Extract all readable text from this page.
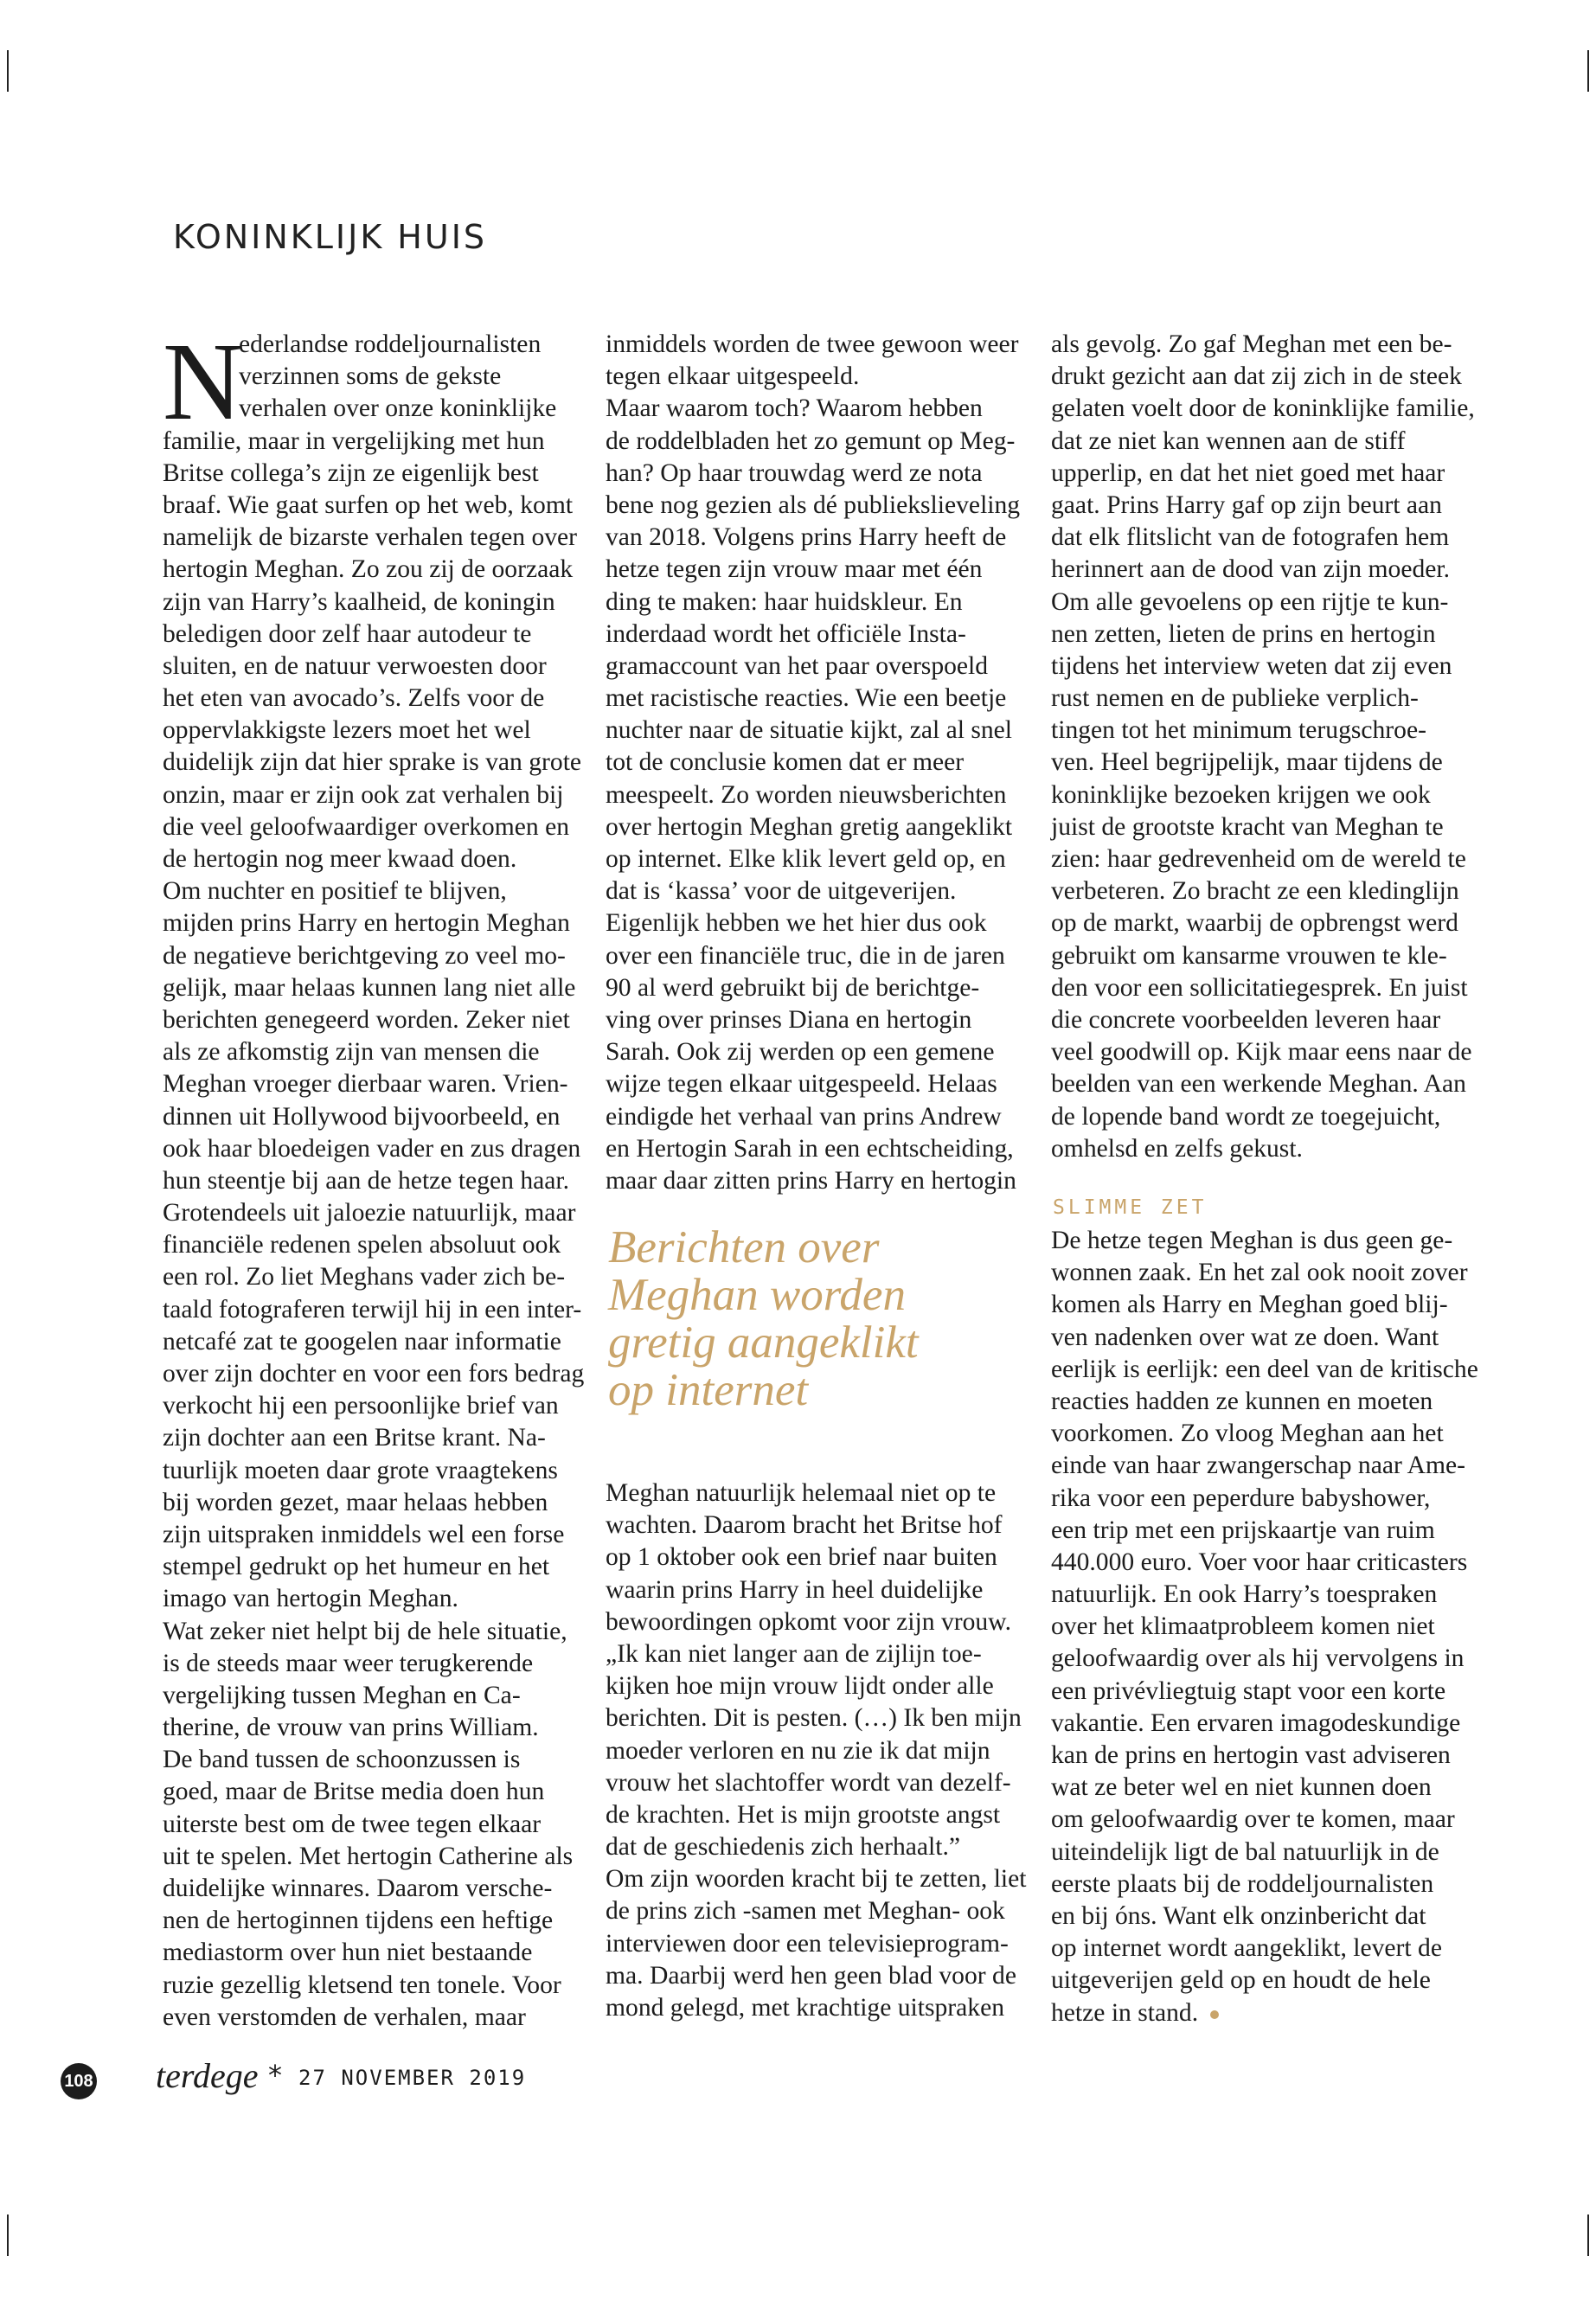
KONINKLIJK HUIS
N
ederlandse roddeljournalisten
verzinnen soms de gekste
verhalen over onze koninklijke
familie, maar in vergelijking met hun
Britse collega’s zijn ze eigenlijk best
braaf. Wie gaat surfen op het web, komt
namelijk de bizarste verhalen tegen over
hertogin Meghan. Zo zou zij de oorzaak
zijn van Harry’s kaalheid, de koningin
beledigen door zelf haar autodeur te
sluiten, en de natuur verwoesten door
het eten van avocado’s. Zelfs voor de
oppervlakkigste lezers moet het wel
duidelijk zijn dat hier sprake is van grote
onzin, maar er zijn ook zat verhalen bij
die veel geloofwaardiger overkomen en
de hertogin nog meer kwaad doen.
Om nuchter en positief te blijven,
mijden prins Harry en hertogin Meghan
de negatieve berichtgeving zo veel mo-
gelijk, maar helaas kunnen lang niet alle
berichten genegeerd worden. Zeker niet
als ze afkomstig zijn van mensen die
Meghan vroeger dierbaar waren. Vrien-
dinnen uit Hollywood bijvoorbeeld, en
ook haar bloedeigen vader en zus dragen
hun steentje bij aan de hetze tegen haar.
Grotendeels uit jaloezie natuurlijk, maar
financiële redenen spelen absoluut ook
een rol. Zo liet Meghans vader zich be-
taald fotograferen terwijl hij in een inter-
netcafé zat te googelen naar informatie
over zijn dochter en voor een fors bedrag
verkocht hij een persoonlijke brief van
zijn dochter aan een Britse krant. Na-
tuurlijk moeten daar grote vraagtekens
bij worden gezet, maar helaas hebben
zijn uitspraken inmiddels wel een forse
stempel gedrukt op het humeur en het
imago van hertogin Meghan.
Wat zeker niet helpt bij de hele situatie,
is de steeds maar weer terugkerende
vergelijking tussen Meghan en Ca-
therine, de vrouw van prins William.
De band tussen de schoonzussen is
goed, maar de Britse media doen hun
uiterste best om de twee tegen elkaar
uit te spelen. Met hertogin Catherine als
duidelijke winnares. Daarom versche-
nen de hertoginnen tijdens een heftige
mediastorm over hun niet bestaande
ruzie gezellig kletsend ten tonele. Voor
even verstomden de verhalen, maar
inmiddels worden de twee gewoon weer
tegen elkaar uitgespeeld.
Maar waarom toch? Waarom hebben
de roddelbladen het zo gemunt op Meg-
han? Op haar trouwdag werd ze nota
bene nog gezien als dé publiekslieveling
van 2018. Volgens prins Harry heeft de
hetze tegen zijn vrouw maar met één
ding te maken: haar huidskleur. En
inderdaad wordt het officiële Insta-
gramaccount van het paar overspoeld
met racistische reacties. Wie een beetje
nuchter naar de situatie kijkt, zal al snel
tot de conclusie komen dat er meer
meespeelt. Zo worden nieuwsberichten
over hertogin Meghan gretig aangeklikt
op internet. Elke klik levert geld op, en
dat is ‘kassa’ voor de uitgeverijen.
Eigenlijk hebben we het hier dus ook
over een financiële truc, die in de jaren
90 al werd gebruikt bij de berichtge-
ving over prinses Diana en hertogin
Sarah. Ook zij werden op een gemene
wijze tegen elkaar uitgespeeld. Helaas
eindigde het verhaal van prins Andrew
en Hertogin Sarah in een echtscheiding,
maar daar zitten prins Harry en hertogin
Berichten over
Meghan worden
gretig aangeklikt
op internet
Meghan natuurlijk helemaal niet op te
wachten. Daarom bracht het Britse hof
op 1 oktober ook een brief naar buiten
waarin prins Harry in heel duidelijke
bewoordingen opkomt voor zijn vrouw.
„Ik kan niet langer aan de zijlijn toe-
kijken hoe mijn vrouw lijdt onder alle
berichten. Dit is pesten. (…) Ik ben mijn
moeder verloren en nu zie ik dat mijn
vrouw het slachtoffer wordt van dezelf-
de krachten. Het is mijn grootste angst
dat de geschiedenis zich herhaalt.”
Om zijn woorden kracht bij te zetten, liet
de prins zich -samen met Meghan- ook
interviewen door een televisieprogram-
ma. Daarbij werd hen geen blad voor de
mond gelegd, met krachtige uitspraken
als gevolg. Zo gaf Meghan met een be-
drukt gezicht aan dat zij zich in de steek
gelaten voelt door de koninklijke familie,
dat ze niet kan wennen aan de stiff
upperlip, en dat het niet goed met haar
gaat. Prins Harry gaf op zijn beurt aan
dat elk flitslicht van de fotografen hem
herinnert aan de dood van zijn moeder.
Om alle gevoelens op een rijtje te kun-
nen zetten, lieten de prins en hertogin
tijdens het interview weten dat zij even
rust nemen en de publieke verplich-
tingen tot het minimum terugschroe-
ven. Heel begrijpelijk, maar tijdens de
koninklijke bezoeken krijgen we ook
juist de grootste kracht van Meghan te
zien: haar gedrevenheid om de wereld te
verbeteren. Zo bracht ze een kledinglijn
op de markt, waarbij de opbrengst werd
gebruikt om kansarme vrouwen te kle-
den voor een sollicitatiegesprek. En juist
die concrete voorbeelden leveren haar
veel goodwill op. Kijk maar eens naar de
beelden van een werkende Meghan. Aan
de lopende band wordt ze toegejuicht,
omhelsd en zelfs gekust.
SLIMME ZET
De hetze tegen Meghan is dus geen ge-
wonnen zaak. En het zal ook nooit zover
komen als Harry en Meghan goed blij-
ven nadenken over wat ze doen. Want
eerlijk is eerlijk: een deel van de kritische
reacties hadden ze kunnen en moeten
voorkomen. Zo vloog Meghan aan het
einde van haar zwangerschap naar Ame-
rika voor een peperdure babyshower,
een trip met een prijskaartje van ruim
440.000 euro. Voer voor haar criticasters
natuurlijk. En ook Harry’s toespraken
over het klimaatprobleem komen niet
geloofwaardig over als hij vervolgens in
een privévliegtuig stapt voor een korte
vakantie. Een ervaren imagodeskundige
kan de prins en hertogin vast adviseren
wat ze beter wel en niet kunnen doen
om geloofwaardig over te komen, maar
uiteindelijk ligt de bal natuurlijk in de
eerste plaats bij de roddeljournalisten
en bij óns. Want elk onzinbericht dat
op internet wordt aangeklikt, levert de
uitgeverijen geld op en houdt de hele
hetze in stand.
108 terdege * 27 NOVEMBER 2019
